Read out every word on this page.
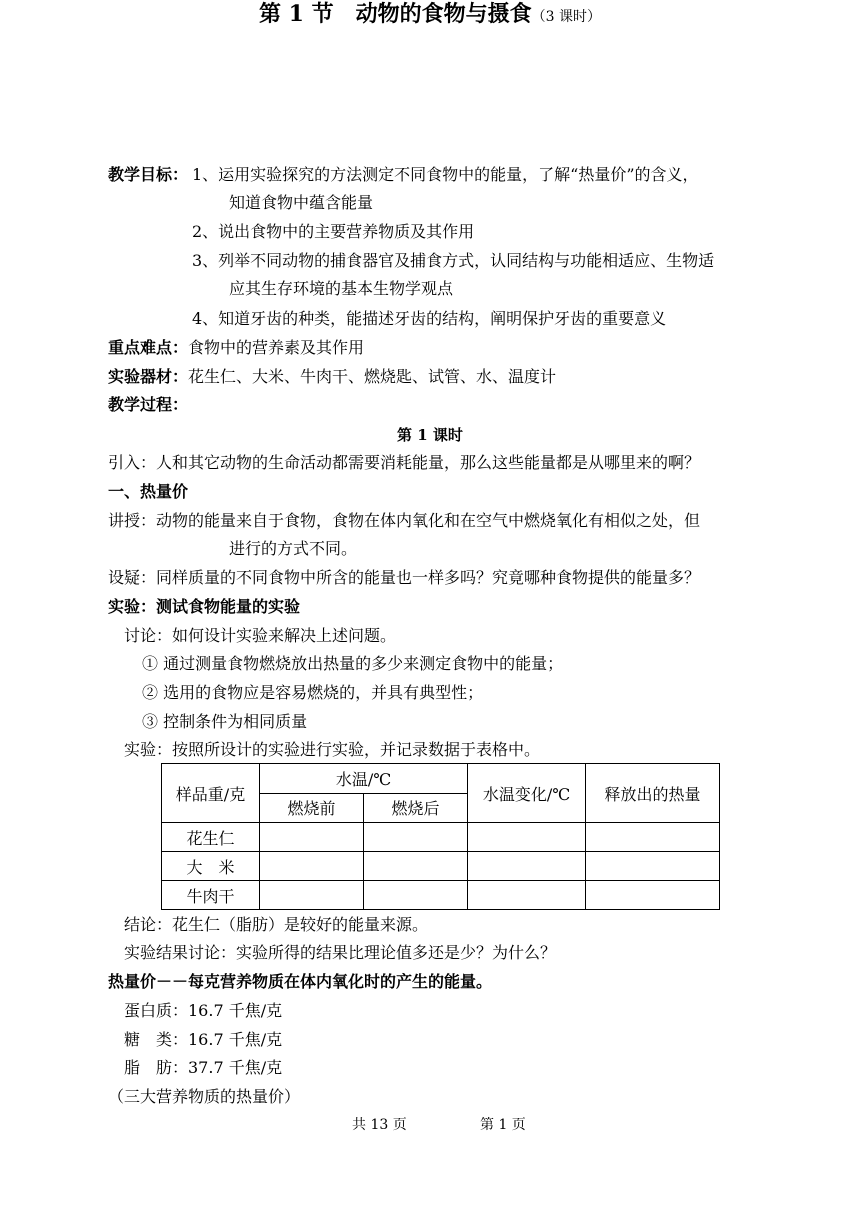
第 1 节　动物的食物与摄食（3 课时）
教学目标： 1、运用实验探究的方法测定不同食物中的能量，了解“热量价”的含义，
知道食物中蕴含能量
2、说出食物中的主要营养物质及其作用
3、列举不同动物的捕食器官及捕食方式，认同结构与功能相适应、生物适
应其生存环境的基本生物学观点
4、知道牙齿的种类，能描述牙齿的结构，阐明保护牙齿的重要意义
重点难点：食物中的营养素及其作用
实验器材：花生仁、大米、牛肉干、燃烧匙、试管、水、温度计
教学过程：
第 1 课时
引入：人和其它动物的生命活动都需要消耗能量，那么这些能量都是从哪里来的啊？
一、热量价
讲授：动物的能量来自于食物，食物在体内氧化和在空气中燃烧氧化有相似之处，但
进行的方式不同。
设疑：同样质量的不同食物中所含的能量也一样多吗？究竟哪种食物提供的能量多？
实验：测试食物能量的实验
讨论：如何设计实验来解决上述问题。
① 通过测量食物燃烧放出热量的多少来测定食物中的能量；
② 选用的食物应是容易燃烧的，并具有典型性；
③ 控制条件为相同质量
实验：按照所设计的实验进行实验，并记录数据于表格中。
样品重/克	水温/℃		水温变化/℃	释放出的热量
	燃烧前	燃烧后		
花生仁				
大　米				
牛肉干				
结论：花生仁（脂肪）是较好的能量来源。
实验结果讨论：实验所得的结果比理论值多还是少？为什么？
热量价－－每克营养物质在体内氧化时的产生的能量。
蛋白质：16.7 千焦/克
糖　类：16.7 千焦/克
脂　肪：37.7 千焦/克
（三大营养物质的热量价）
共 13 页	第 1 页
